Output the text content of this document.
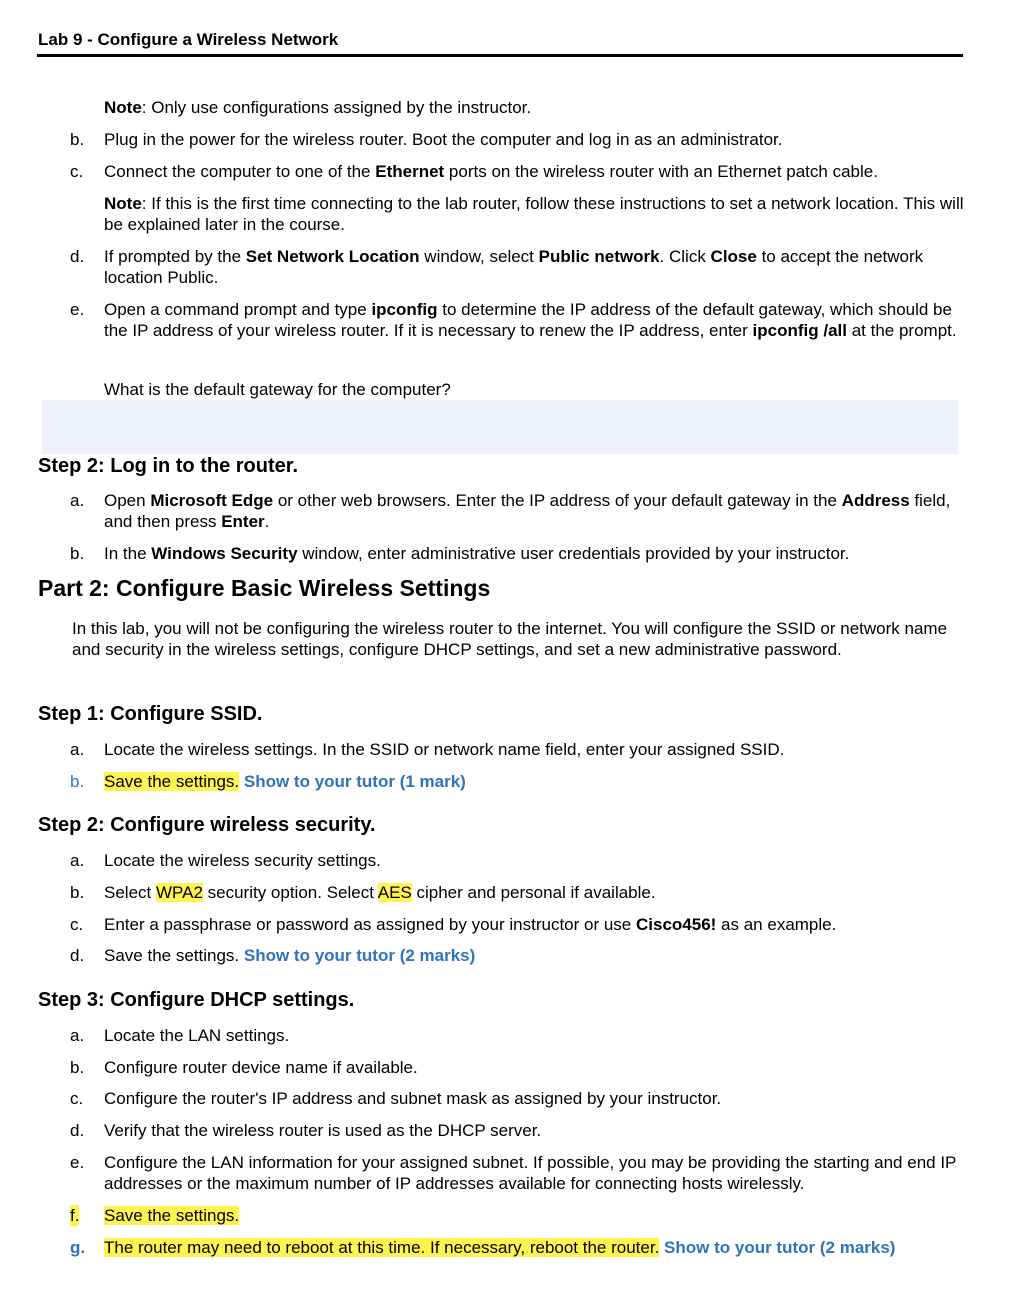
Lab 9 - Configure a Wireless Network
Note: Only use configurations assigned by the instructor.
b. Plug in the power for the wireless router. Boot the computer and log in as an administrator.
c. Connect the computer to one of the Ethernet ports on the wireless router with an Ethernet patch cable.
Note: If this is the first time connecting to the lab router, follow these instructions to set a network location. This will be explained later in the course.
d. If prompted by the Set Network Location window, select Public network. Click Close to accept the network location Public.
e. Open a command prompt and type ipconfig to determine the IP address of the default gateway, which should be the IP address of your wireless router. If it is necessary to renew the IP address, enter ipconfig /all at the prompt.
What is the default gateway for the computer?
Step 2: Log in to the router.
a. Open Microsoft Edge or other web browsers. Enter the IP address of your default gateway in the Address field, and then press Enter.
b. In the Windows Security window, enter administrative user credentials provided by your instructor.
Part 2: Configure Basic Wireless Settings
In this lab, you will not be configuring the wireless router to the internet. You will configure the SSID or network name and security in the wireless settings, configure DHCP settings, and set a new administrative password.
Step 1: Configure SSID.
a. Locate the wireless settings. In the SSID or network name field, enter your assigned SSID.
b. Save the settings. Show to your tutor (1 mark)
Step 2: Configure wireless security.
a. Locate the wireless security settings.
b. Select WPA2 security option. Select AES cipher and personal if available.
c. Enter a passphrase or password as assigned by your instructor or use Cisco456! as an example.
d. Save the settings. Show to your tutor (2 marks)
Step 3: Configure DHCP settings.
a. Locate the LAN settings.
b. Configure router device name if available.
c. Configure the router's IP address and subnet mask as assigned by your instructor.
d. Verify that the wireless router is used as the DHCP server.
e. Configure the LAN information for your assigned subnet. If possible, you may be providing the starting and end IP addresses or the maximum number of IP addresses available for connecting hosts wirelessly.
f. Save the settings.
g. The router may need to reboot at this time. If necessary, reboot the router. Show to your tutor (2 marks)
